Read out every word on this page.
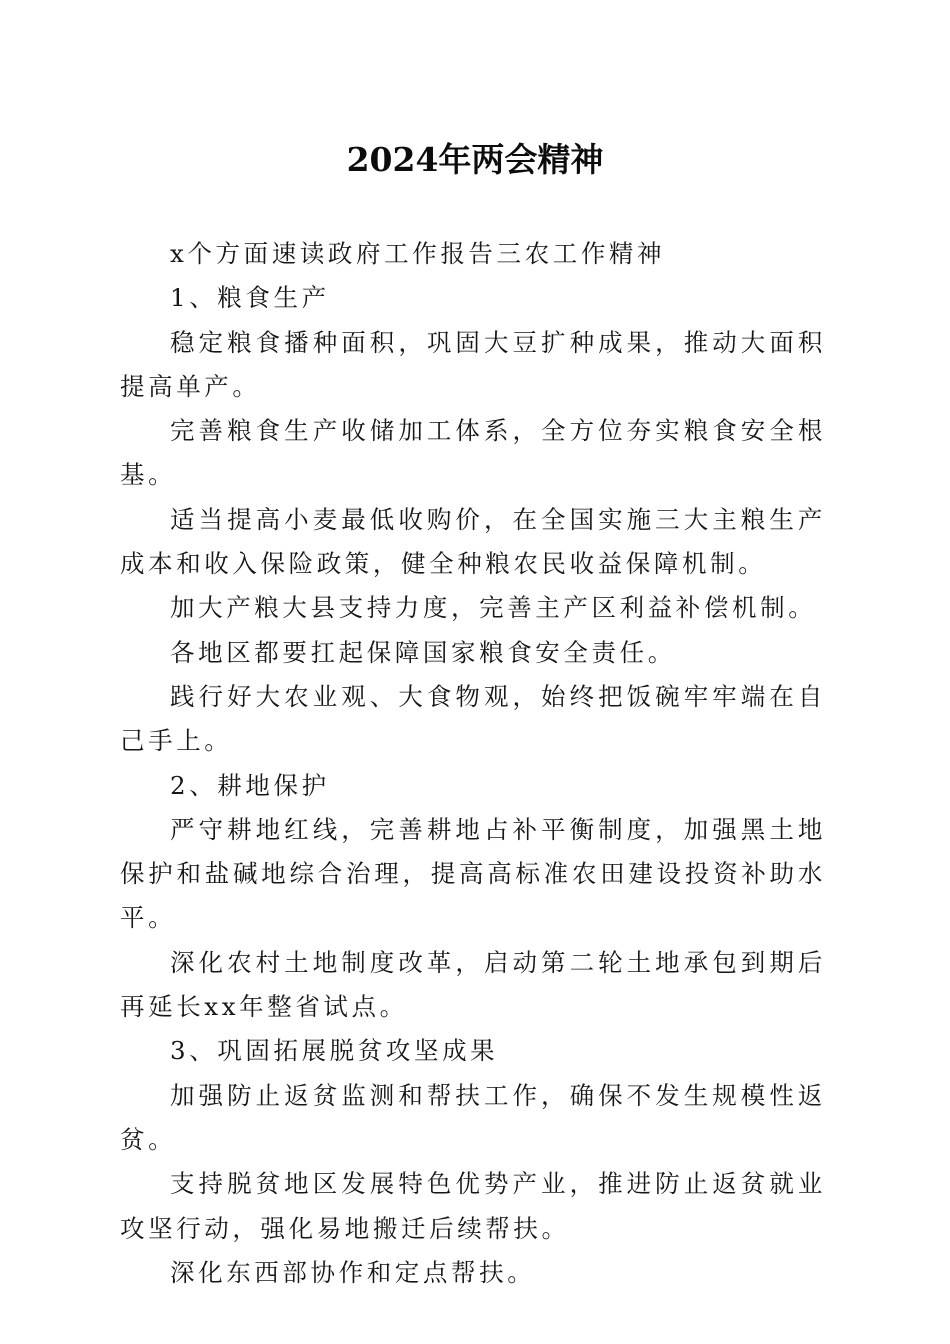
2024年两会精神

x个方面速读政府工作报告三农工作精神

1、粮食生产

稳定粮食播种面积，巩固大豆扩种成果，推动大面积提高单产。

完善粮食生产收储加工体系，全方位夯实粮食安全根基。

适当提高小麦最低收购价，在全国实施三大主粮生产成本和收入保险政策，健全种粮农民收益保障机制。

加大产粮大县支持力度，完善主产区利益补偿机制。

各地区都要扛起保障国家粮食安全责任。

践行好大农业观、大食物观，始终把饭碗牢牢端在自己手上。

2、耕地保护

严守耕地红线，完善耕地占补平衡制度，加强黑土地保护和盐碱地综合治理，提高高标准农田建设投资补助水平。

深化农村土地制度改革，启动第二轮土地承包到期后再延长xx年整省试点。

3、巩固拓展脱贫攻坚成果

加强防止返贫监测和帮扶工作，确保不发生规模性返贫。

支持脱贫地区发展特色优势产业，推进防止返贫就业攻坚行动，强化易地搬迁后续帮扶。

深化东西部协作和定点帮扶。
